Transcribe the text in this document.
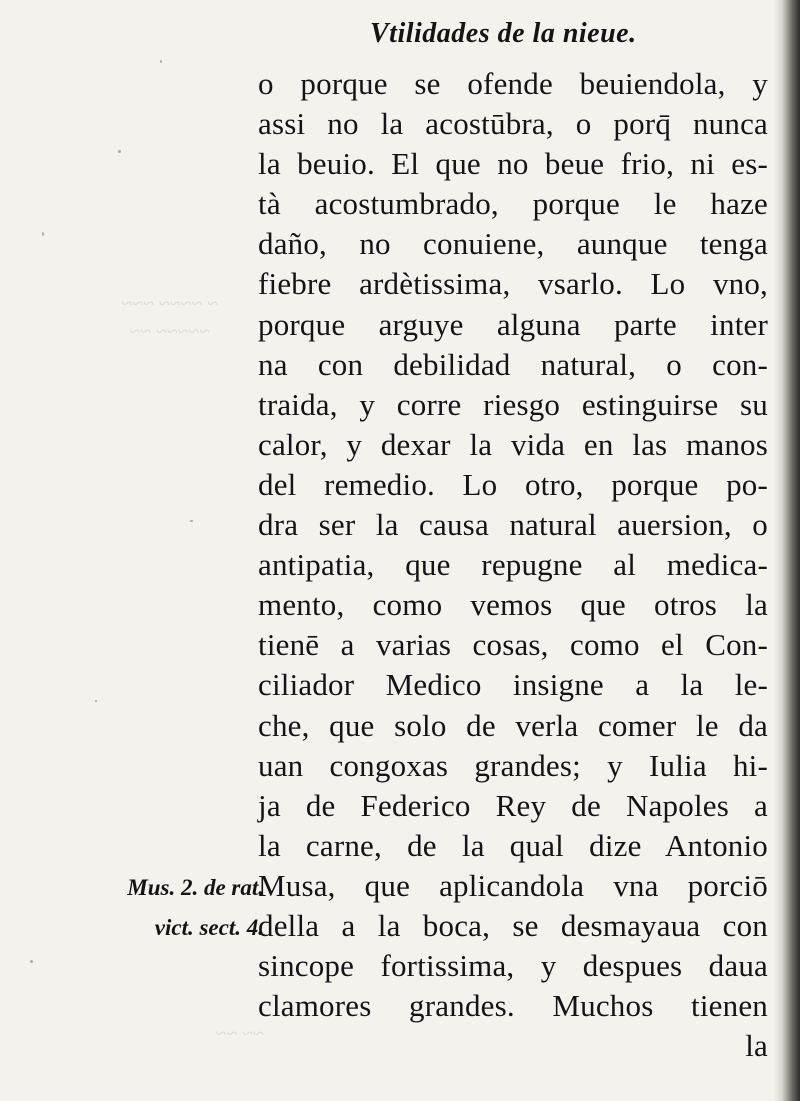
~ ~~~~ ~~~
~~~~~ ~~
~~ ~~
Vtilidades de la nieue.
o porque se ofende beuiendola, y
assi no la acostūbra, o porq̄ nunca
la beuio. El que no beue frio, ni es-
tà acostumbrado, porque le haze
daño, no conuiene, aunque tenga
fiebre ardètissima, vsarlo. Lo vno,
porque arguye alguna parte inter
na con debilidad natural, o con-
traida, y corre riesgo estinguirse su
calor, y dexar la vida en las manos
del remedio. Lo otro, porque po-
dra ser la causa natural auersion, o
antipatia, que repugne al medica-
mento, como vemos que otros la
tienē a varias cosas, como el Con-
ciliador Medico insigne a la le-
che, que solo de verla comer le da
uan congoxas grandes; y Iulia hi-
ja de Federico Rey de Napoles a
la carne, de la qual dize Antonio
Musa, que aplicandola vna porciō
della a la boca, se desmayaua con
sincope fortissima, y despues daua
clamores grandes. Muchos tienen
la
Mus. 2. de rat.
vict. sect. 4.
